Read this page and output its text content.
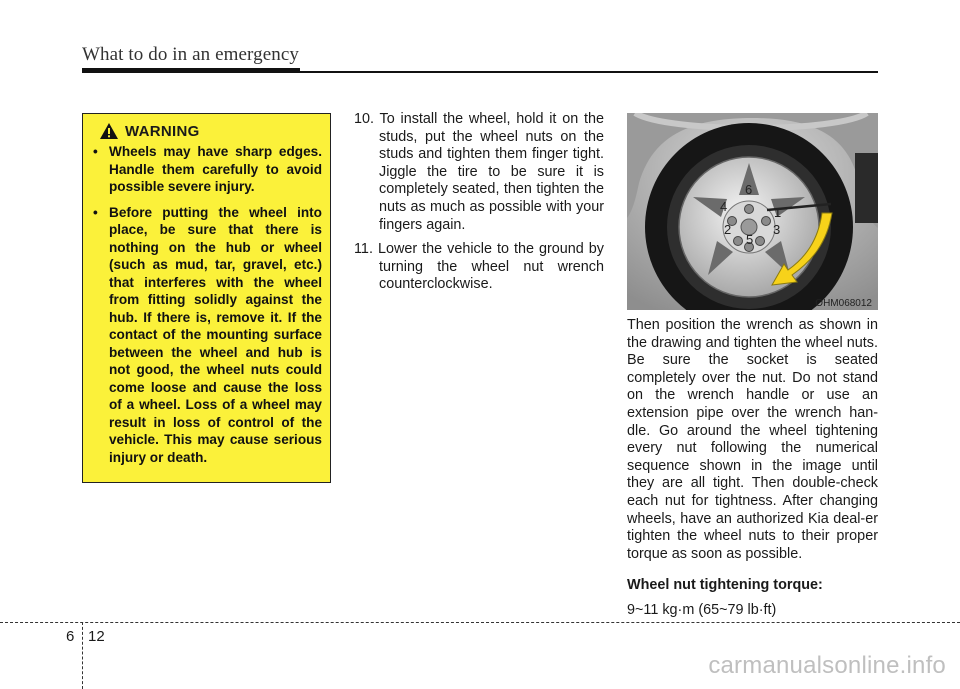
What to do in an emergency
WARNING
• Wheels may have sharp edges. Handle them carefully to avoid possible severe injury.
• Before putting the wheel into place, be sure that there is nothing on the hub or wheel (such as mud, tar, gravel, etc.) that interferes with the wheel from fitting solidly against the hub. If there is, remove it. If the contact of the mounting surface between the wheel and hub is not good, the wheel nuts could come loose and cause the loss of a wheel. Loss of a wheel may result in loss of control of the vehicle. This may cause serious injury or death.
10. To install the wheel, hold it on the studs, put the wheel nuts on the studs and tighten them finger tight. Jiggle the tire to be sure it is completely seated, then tighten the nuts as much as possible with your fingers again.
11. Lower the vehicle to the ground by turning the wheel nut wrench counterclockwise.
1
2	3
4
5
6
OHM068012

Then position the wrench as shown in the drawing and tighten the wheel nuts. Be sure the socket is seated completely over the nut. Do not stand on the wrench handle or use an extension pipe over the wrench han-dle. Go around the wheel tightening every nut following the numerical sequence shown in the image until they are all tight. Then double-check each nut for tightness. After changing wheels, have an authorized Kia deal-er tighten the wheel nuts to their proper torque as soon as possible.

Wheel nut tightening torque:

9~11 kg·m (65~79 lb·ft)

6 12
carmanualsonline.info
